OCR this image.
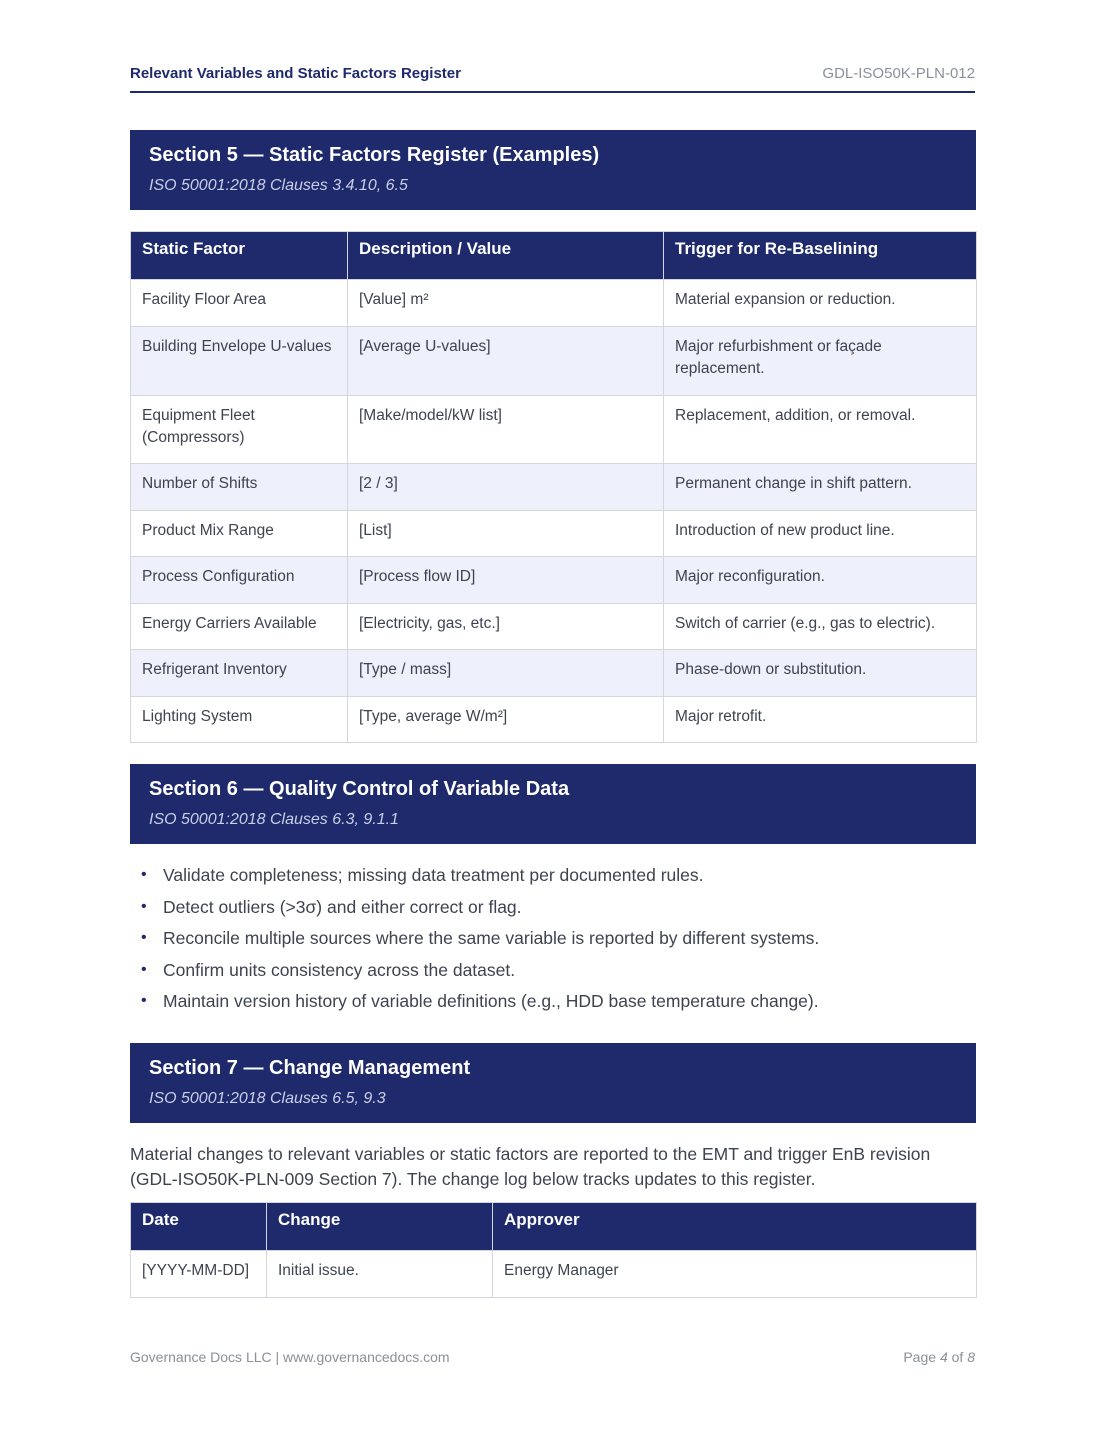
Relevant Variables and Static Factors Register	GDL-ISO50K-PLN-012
Section 5 — Static Factors Register (Examples)
ISO 50001:2018 Clauses 3.4.10, 6.5
Static Factor	Description / Value	Trigger for Re-Baselining
Facility Floor Area	[Value] m²	Material expansion or reduction.
Building Envelope U-values	[Average U-values]	Major refurbishment or façade replacement.
Equipment Fleet (Compressors)	[Make/model/kW list]	Replacement, addition, or removal.
Number of Shifts	[2 / 3]	Permanent change in shift pattern.
Product Mix Range	[List]	Introduction of new product line.
Process Configuration	[Process flow ID]	Major reconfiguration.
Energy Carriers Available	[Electricity, gas, etc.]	Switch of carrier (e.g., gas to electric).
Refrigerant Inventory	[Type / mass]	Phase-down or substitution.
Lighting System	[Type, average W/m²]	Major retrofit.
Section 6 — Quality Control of Variable Data
ISO 50001:2018 Clauses 6.3, 9.1.1
• Validate completeness; missing data treatment per documented rules.
• Detect outliers (>3σ) and either correct or flag.
• Reconcile multiple sources where the same variable is reported by different systems.
• Confirm units consistency across the dataset.
• Maintain version history of variable definitions (e.g., HDD base temperature change).
Section 7 — Change Management
ISO 50001:2018 Clauses 6.5, 9.3
Material changes to relevant variables or static factors are reported to the EMT and trigger EnB revision (GDL-ISO50K-PLN-009 Section 7). The change log below tracks updates to this register.
Date	Change	Approver
[YYYY-MM-DD]	Initial issue.	Energy Manager
Governance Docs LLC | www.governancedocs.com	Page 4 of 8
